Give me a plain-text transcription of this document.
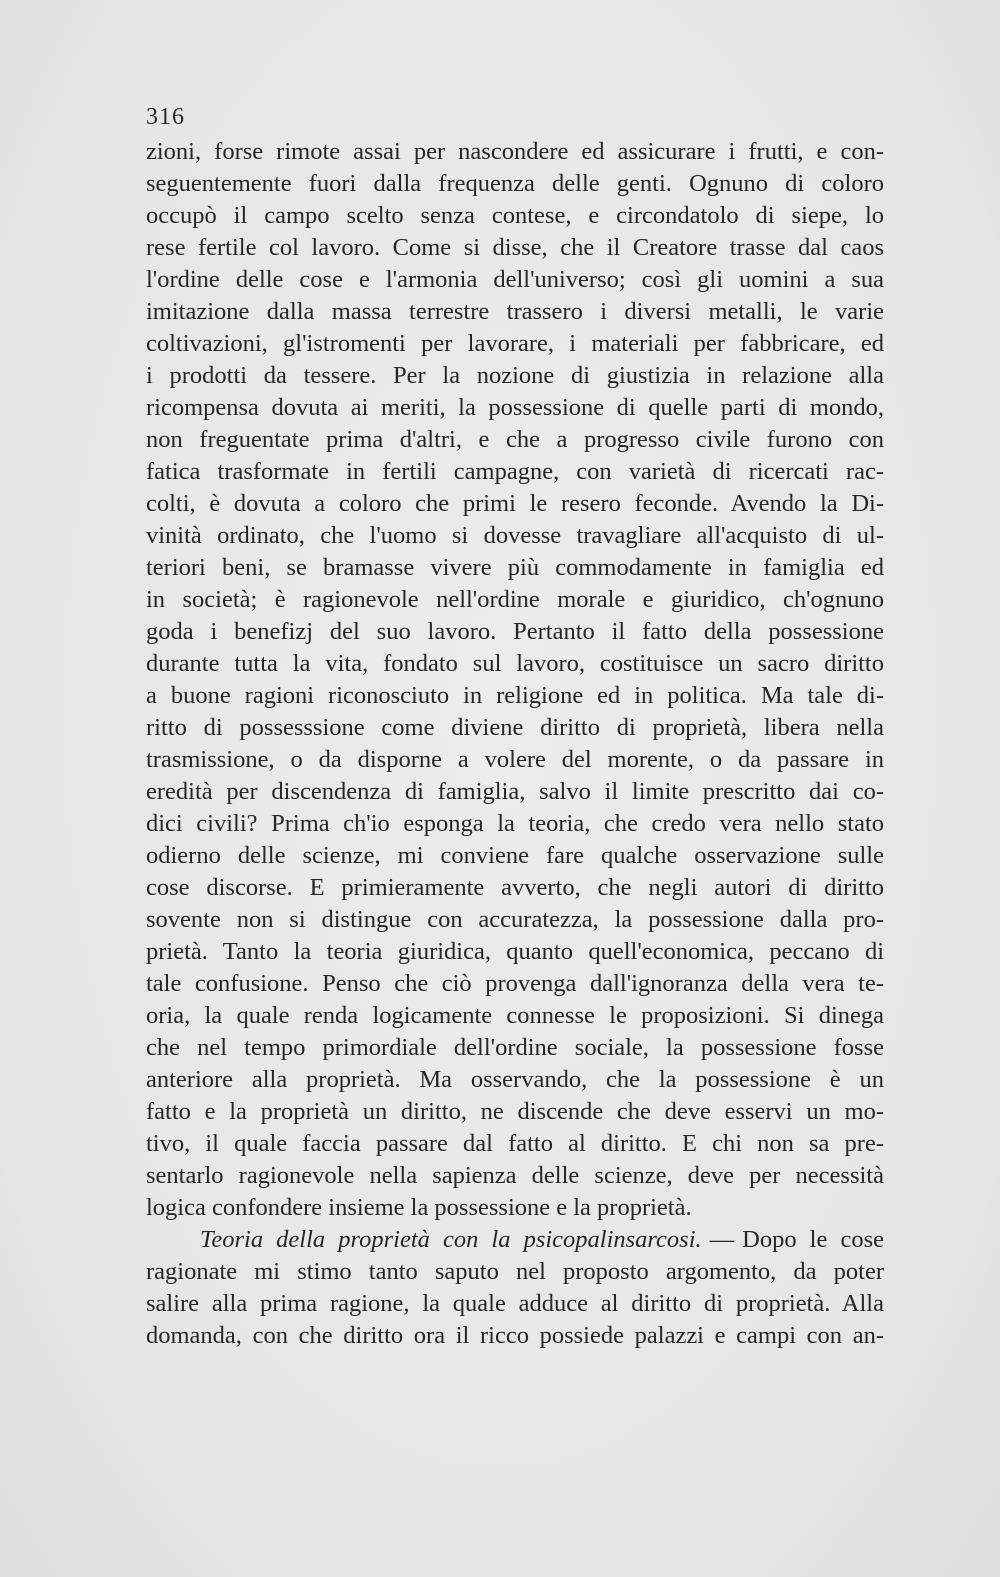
316
zioni, forse rimote assai per nascondere ed assicurare i frutti, e con-
seguentemente fuori dalla frequenza delle genti. Ognuno di coloro
occupò il campo scelto senza contese, e circondatolo di siepe, lo
rese fertile col lavoro. Come si disse, che il Creatore trasse dal caos
l'ordine delle cose e l'armonia dell'universo; così gli uomini a sua
imitazione dalla massa terrestre trassero i diversi metalli, le varie
coltivazioni, gl'istromenti per lavorare, i materiali per fabbricare, ed
i prodotti da tessere. Per la nozione di giustizia in relazione alla
ricompensa dovuta ai meriti, la possessione di quelle parti di mondo,
non freguentate prima d'altri, e che a progresso civile furono con
fatica trasformate in fertili campagne, con varietà di ricercati rac-
colti, è dovuta a coloro che primi le resero feconde. Avendo la Di-
vinità ordinato, che l'uomo si dovesse travagliare all'acquisto di ul-
teriori beni, se bramasse vivere più commodamente in famiglia ed
in società; è ragionevole nell'ordine morale e giuridico, ch'ognuno
goda i benefizj del suo lavoro. Pertanto il fatto della possessione
durante tutta la vita, fondato sul lavoro, costituisce un sacro diritto
a buone ragioni riconosciuto in religione ed in politica. Ma tale di-
ritto di possesssione come diviene diritto di proprietà, libera nella
trasmissione, o da disporne a volere del morente, o da passare in
eredità per discendenza di famiglia, salvo il limite prescritto dai co-
dici civili? Prima ch'io esponga la teoria, che credo vera nello stato
odierno delle scienze, mi conviene fare qualche osservazione sulle
cose discorse. E primieramente avverto, che negli autori di diritto
sovente non si distingue con accuratezza, la possessione dalla pro-
prietà. Tanto la teoria giuridica, quanto quell'economica, peccano di
tale confusione. Penso che ciò provenga dall'ignoranza della vera te-
oria, la quale renda logicamente connesse le proposizioni. Si dinega
che nel tempo primordiale dell'ordine sociale, la possessione fosse
anteriore alla proprietà. Ma osservando, che la possessione è un
fatto e la proprietà un diritto, ne discende che deve esservi un mo-
tivo, il quale faccia passare dal fatto al diritto. E chi non sa pre-
sentarlo ragionevole nella sapienza delle scienze, deve per necessità
logica confondere insieme la possessione e la proprietà.
Teoria della proprietà con la psicopalinsarcosi. — Dopo le cose
ragionate mi stimo tanto saputo nel proposto argomento, da poter
salire alla prima ragione, la quale adduce al diritto di proprietà. Alla
domanda, con che diritto ora il ricco possiede palazzi e campi con an-
